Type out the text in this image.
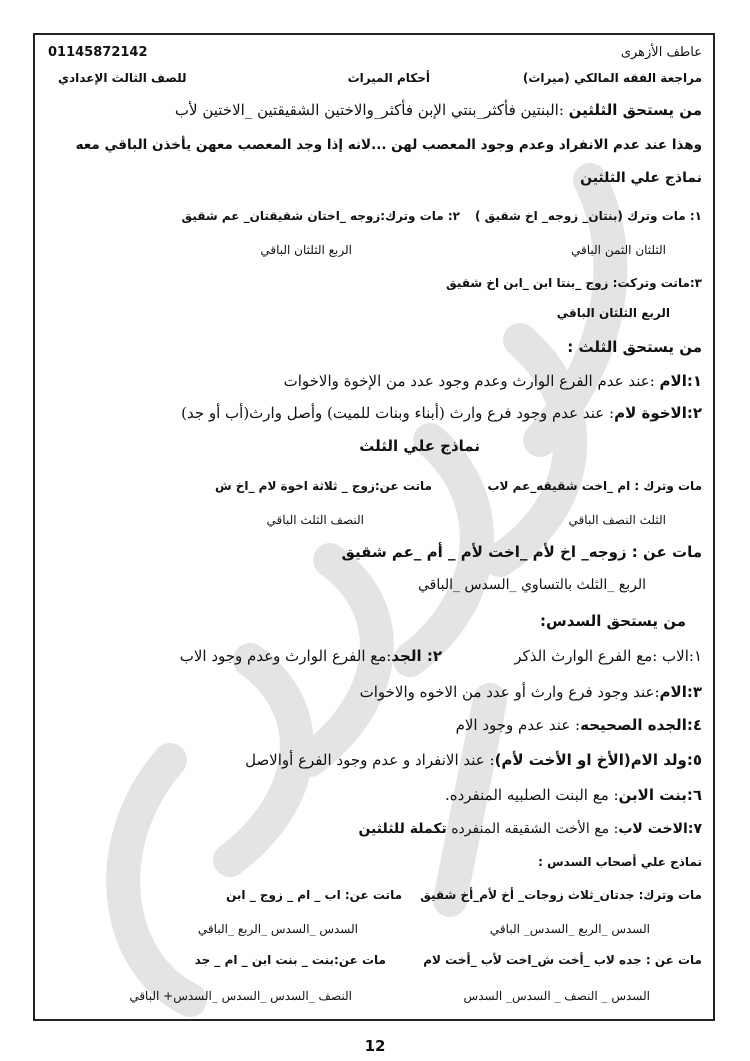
عاطف الأزهرى
01145872142
مراجعة الفقه المالكي (ميراث)
أحكام الميراث
للصف الثالث الإعدادي
من يستحق الثلثين :البنتين فأكثر_بنتي الإبن فأكثر_والاختين الشقيقتين _الاختين لأب
وهذا عند عدم الانفراد وعدم وجود المعصب لهن ...لانه إذا وجد المعصب معهن يأخذن الباقي معه
نماذج علي الثلثين
١: مات وترك (بنتان_ زوجه_ اخ شقيق )
٢: مات وترك:زوجه _اختان شقيقتان_ عم شقيق
الثلثان الثمن الباقي
الربع الثلثان الباقي
٣:ماتت وتركت: زوج _بنتا ابن _ابن اخ شقيق
الربع الثلثان الباقي
من يستحق الثلث :
١:الام :عند عدم الفرع الوارث وعدم وجود عدد من الإخوة والاخوات
٢:الاخوة لام: عند عدم وجود فرع وارث (أبناء وبنات للميت) وأصل وارث(أب أو جد)
نماذج علي الثلث
مات وترك : ام _اخت شقيقه_عم لاب
ماتت عن:زوج _ ثلاثة اخوة لام _اخ ش
الثلث النصف الباقي
النصف الثلث الباقي
مات عن : زوجه_ اخ لأم _اخت لأم _ أم _عم شقيق
الربع _الثلث بالتساوي _السدس _الباقي
من يستحق السدس:
١:الاب :مع الفرع الوارث الذكر
٢: الجد:مع الفرع الوارث وعدم وجود الاب
٣:الام:عند وجود فرع وارث أو عدد من الاخوه والاخوات
٤:الجده الصحيحه: عند عدم وجود الام
٥:ولد الام(الأخ او الأخت لأم): عند الانفراد و عدم وجود الفرع أوالاصل
٦:بنت الابن: مع البنت الصلبيه المنفرده.
٧:الاخت لاب: مع الأخت الشقيقه المنفرده تكملة للثلثين
نماذج علي أصحاب السدس :
مات وترك: جدتان_ثلاث زوجات_ أخ لأم_أخ شقيق
ماتت عن: اب _ ام _ زوج _ ابن
السدس _الربع _السدس_ الباقي
السدس _السدس _الربع _الباقي
مات عن : جده لاب _أخت ش_اخت لأب _أخت لام
مات عن:بنت _ بنت ابن _ ام _ جد
السدس _ النصف _ السدس_ السدس
النصف _السدس _السدس _السدس+ الباقي
12
